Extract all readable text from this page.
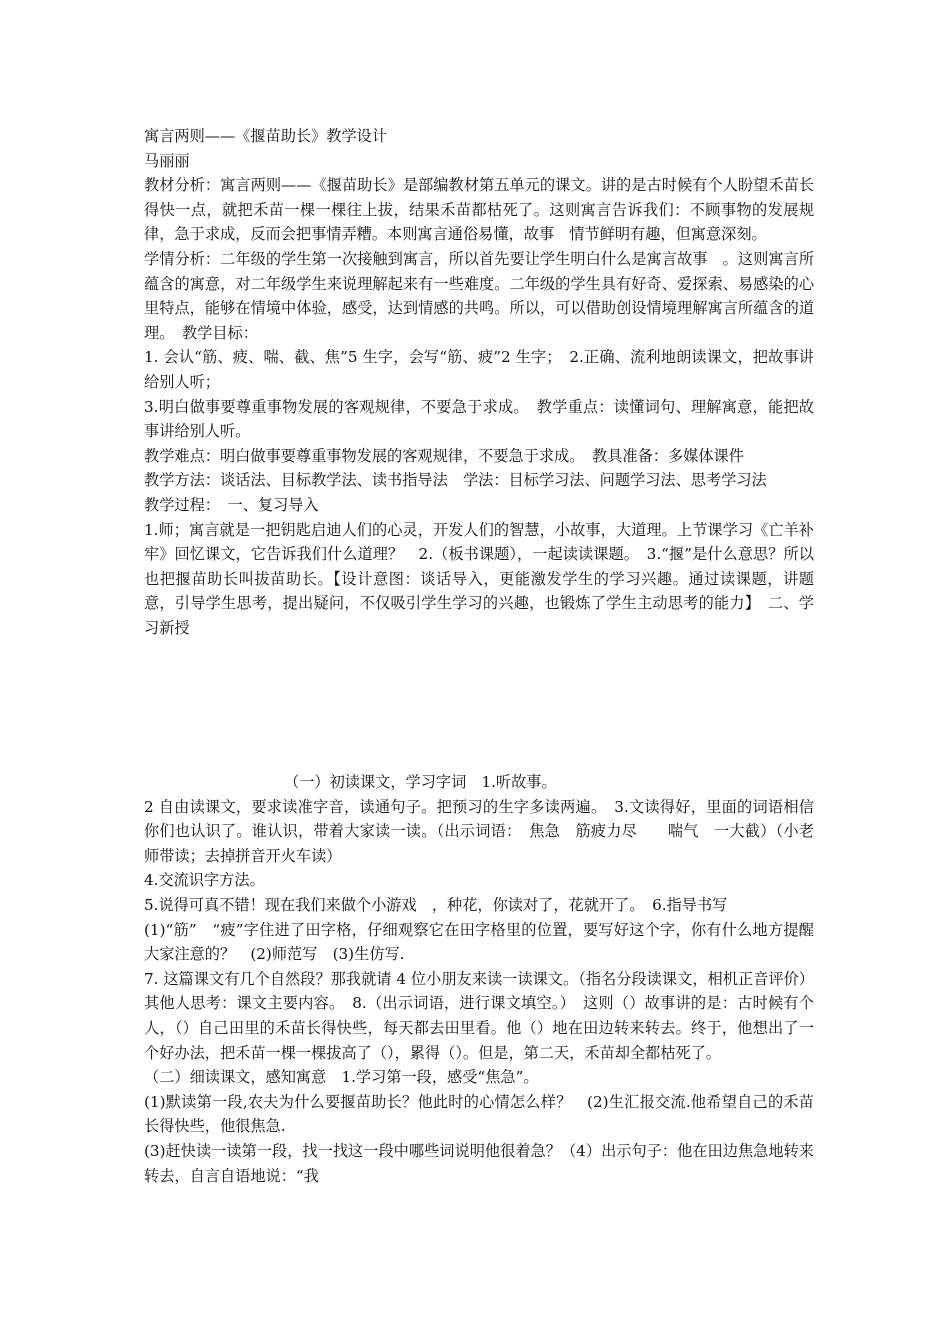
寓言两则——《揠苗助长》教学设计
马丽丽
教材分析：寓言两则——《揠苗助长》是部编教材第五单元的课文。讲的是古时候有个人盼望禾苗长得快一点，就把禾苗一棵一棵往上拔，结果禾苗都枯死了。这则寓言告诉我们：不顾事物的发展规律，急于求成，反而会把事情弄糟。本则寓言通俗易懂，故事　情节鲜明有趣，但寓意深刻。
学情分析：二年级的学生第一次接触到寓言，所以首先要让学生明白什么是寓言故事　。这则寓言所蕴含的寓意，对二年级学生来说理解起来有一些难度。二年级的学生具有好奇、爱探索、易感染的心里特点，能够在情境中体验，感受，达到情感的共鸣。所以，可以借助创设情境理解寓言所蕴含的道理。　教学目标：
1. 会认“筋、疲、喘、截、焦”5 生字，会写“筋、疲”2 生字；　2.正确、流利地朗读课文，把故事讲给别人听；
3.明白做事要尊重事物发展的客观规律，不要急于求成。　教学重点：读懂词句、理解寓意，能把故事讲给别人听。
教学难点：明白做事要尊重事物发展的客观规律，不要急于求成。　教具准备：多媒体课件
教学方法：谈话法、目标教学法、读书指导法　学法：目标学习法、问题学习法、思考学习法
教学过程：　一、复习导入
1.师；寓言就是一把钥匙启迪人们的心灵，开发人们的智慧，小故事，大道理。上节课学习《亡羊补牢》回忆课文，它告诉我们什么道理？　2.（板书课题），一起读读课题。　3.“揠”是什么意思？所以也把揠苗助长叫拔苗助长。【设计意图：谈话导入，更能激发学生的学习兴趣。通过读课题，讲题意，引导学生思考，提出疑问，不仅吸引学生学习的兴趣，也锻炼了学生主动思考的能力】　二、学习新授
（一）初读课文，学习字词　1.听故事。
2 自由读课文，要求读准字音，读通句子。把预习的生字多读两遍。　3.文读得好，里面的词语相信你们也认识了。谁认识，带着大家读一读。（出示词语：　焦急　筋疲力尽　　喘气　一大截）（小老师带读；去掉拼音开火车读）
4.交流识字方法。
5.说得可真不错！现在我们来做个小游戏　，种花，你读对了，花就开了。　6.指导书写
(1)“筋”　“疲”字住进了田字格，仔细观察它在田字格里的位置，要写好这个字，你有什么地方提醒大家注意的？　(2)师范写　(3)生仿写.
7. 这篇课文有几个自然段？那我就请 4 位小朋友来读一读课文。（指名分段读课文，相机正音评价）其他人思考：课文主要内容。　8.（出示词语，进行课文填空。）　这则（）故事讲的是：古时候有个人，（）自己田里的禾苗长得快些，每天都去田里看。他（）地在田边转来转去。终于，他想出了一个好办法，把禾苗一棵一棵拔高了（），累得（）。但是，第二天，禾苗却全都枯死了。
（二）细读课文，感知寓意　1.学习第一段，感受“焦急”。
(1)默读第一段,农夫为什么要揠苗助长？他此时的心情怎么样？　(2)生汇报交流.他希望自己的禾苗长得快些，他很焦急.
(3)赶快读一读第一段，找一找这一段中哪些词说明他很着急？（4）出示句子：他在田边焦急地转来转去，自言自语地说：“我
